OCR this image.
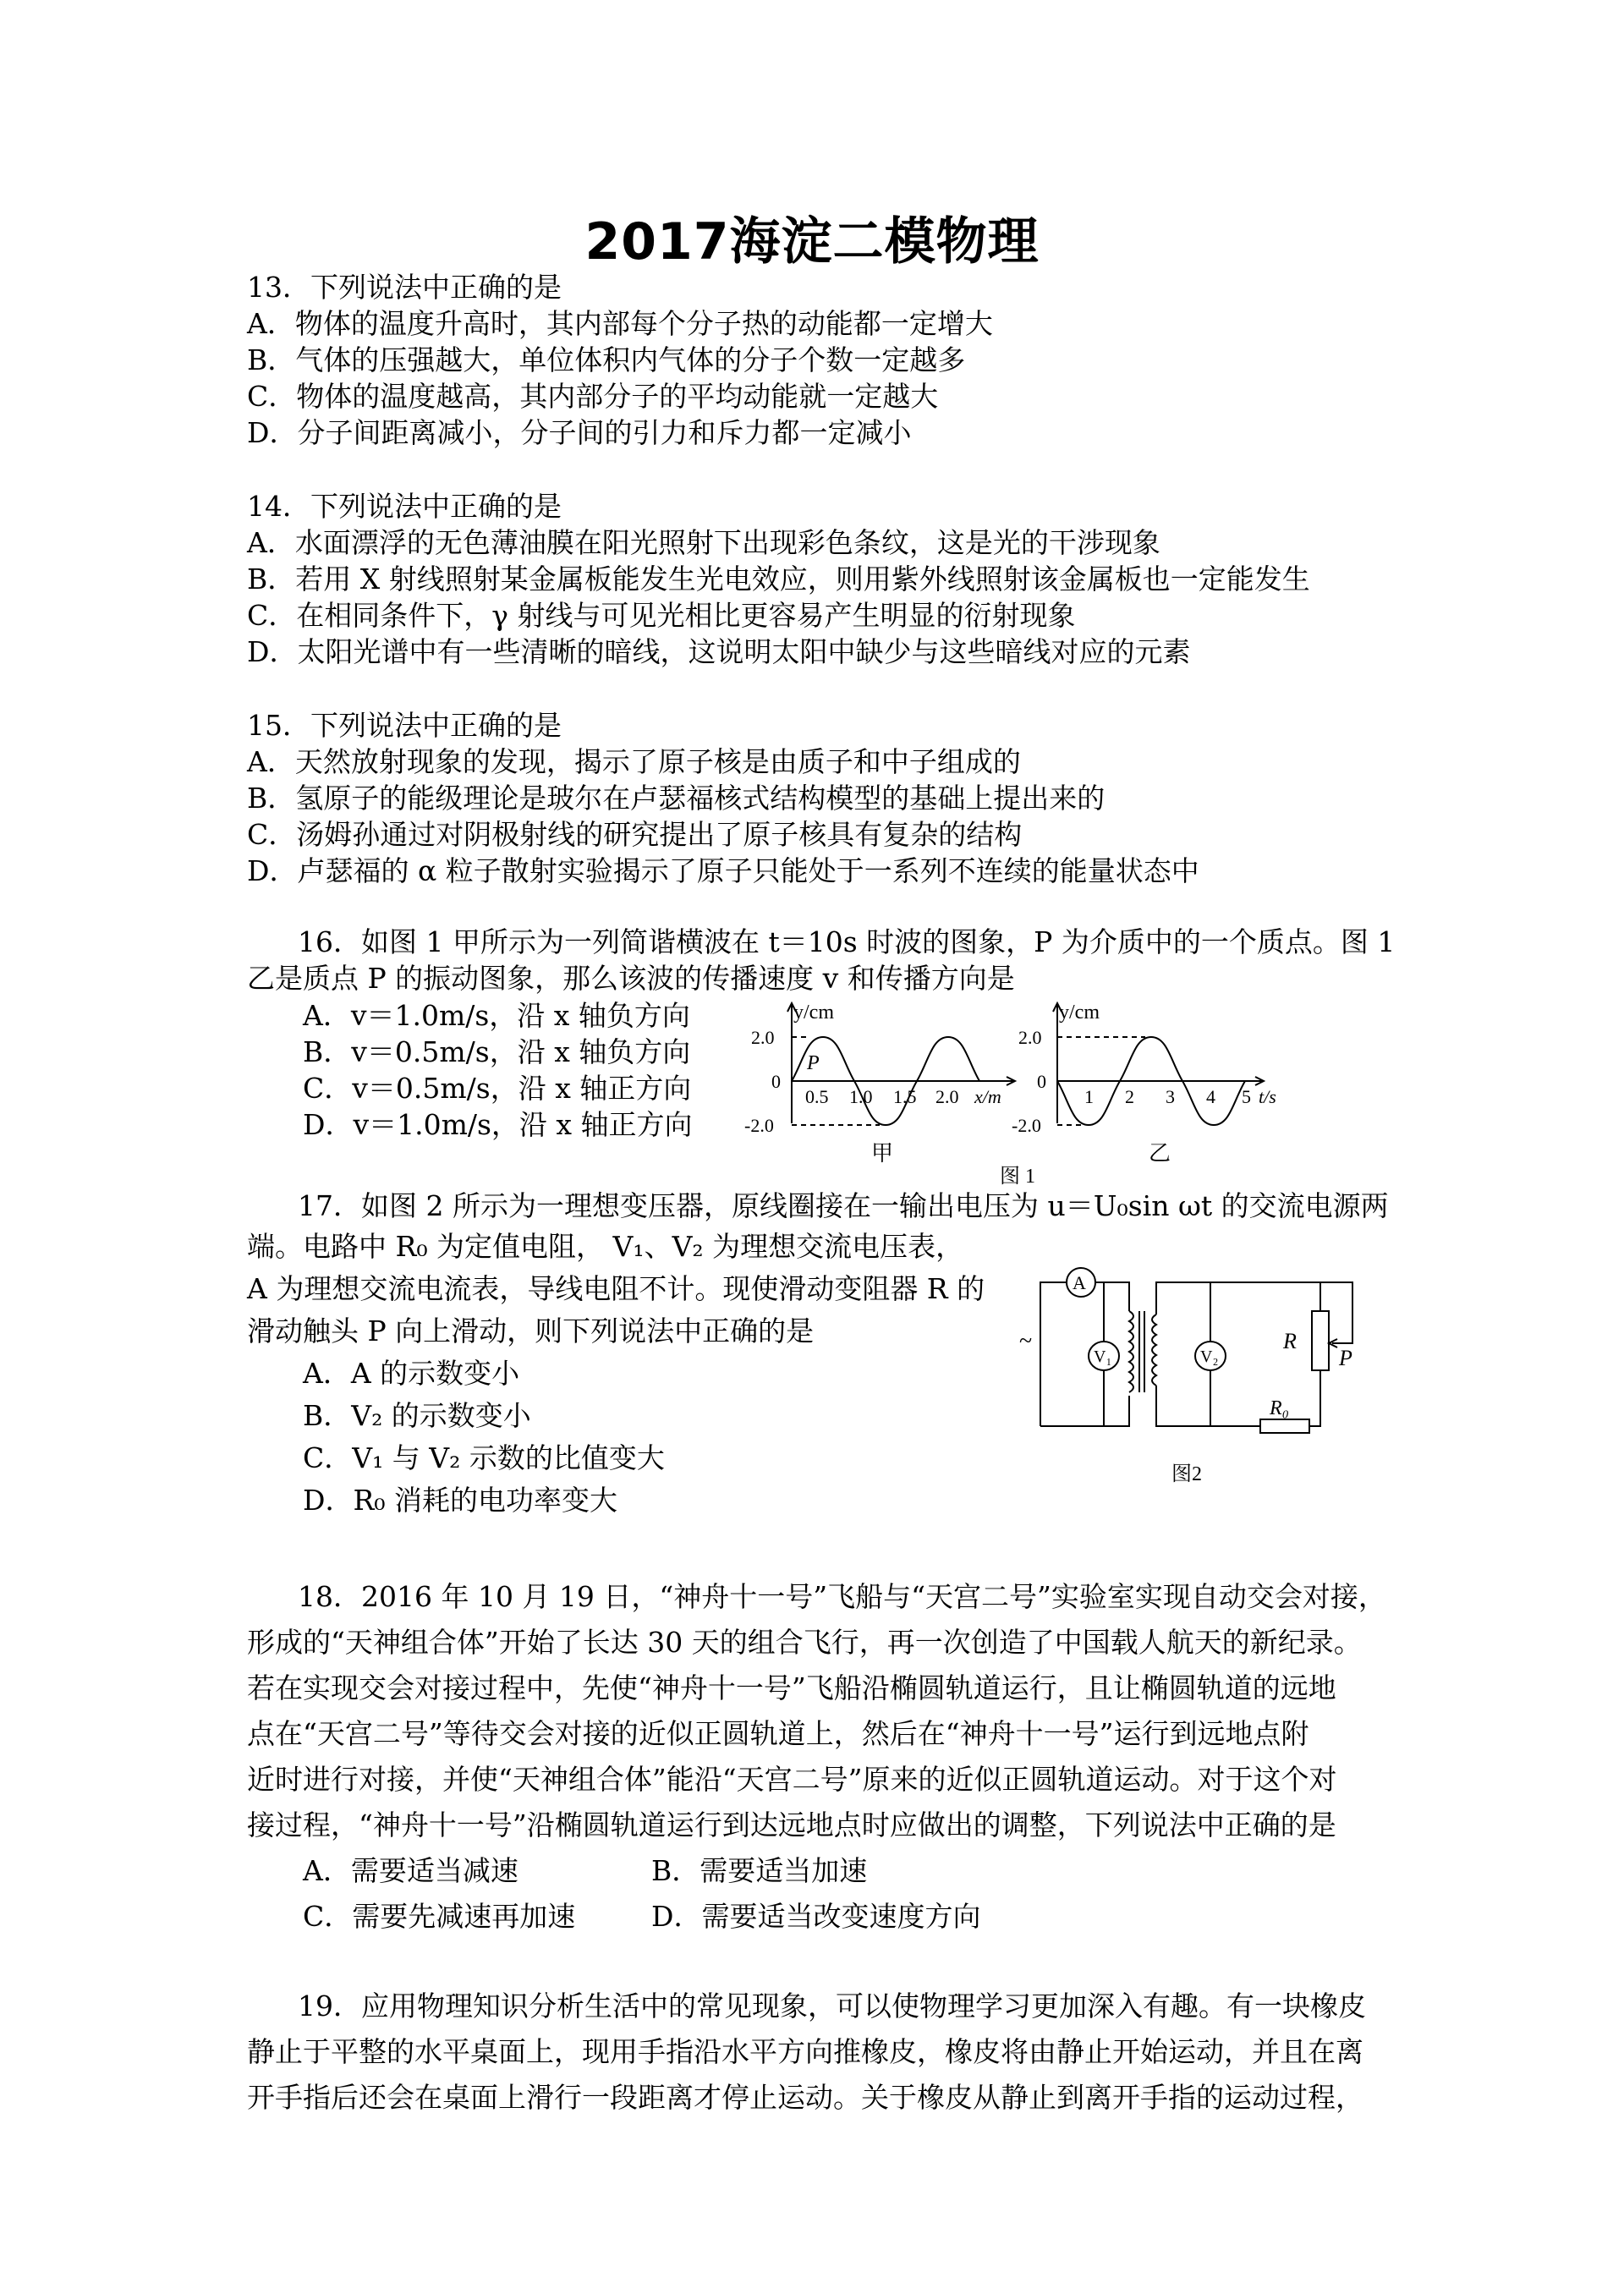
2017海淀二模物理
13．下列说法中正确的是
A．物体的温度升高时，其内部每个分子热的动能都一定增大
B．气体的压强越大，单位体积内气体的分子个数一定越多
C．物体的温度越高，其内部分子的平均动能就一定越大
D．分子间距离减小，分子间的引力和斥力都一定减小
14．下列说法中正确的是
A．水面漂浮的无色薄油膜在阳光照射下出现彩色条纹，这是光的干涉现象
B．若用 X 射线照射某金属板能发生光电效应，则用紫外线照射该金属板也一定能发生
C．在相同条件下，γ 射线与可见光相比更容易产生明显的衍射现象
D．太阳光谱中有一些清晰的暗线，这说明太阳中缺少与这些暗线对应的元素
15．下列说法中正确的是
A．天然放射现象的发现，揭示了原子核是由质子和中子组成的
B．氢原子的能级理论是玻尔在卢瑟福核式结构模型的基础上提出来的
C．汤姆孙通过对阴极射线的研究提出了原子核具有复杂的结构
D．卢瑟福的 α 粒子散射实验揭示了原子只能处于一系列不连续的能量状态中
16．如图 1 甲所示为一列简谐横波在 t＝10s 时波的图象，P 为介质中的一个质点。图 1
乙是质点 P 的振动图象，那么该波的传播速度 v 和传播方向是
A．v＝1.0m/s，沿 x 轴负方向
B．v＝0.5m/s，沿 x 轴负方向
C．v＝0.5m/s，沿 x 轴正方向
D．v＝1.0m/s，沿 x 轴正方向
y/cm
2.0
0
-2.0
P
0.5 1.0 1.5 2.0 x/m
甲
y/cm
2.0
0
-2.0
1 2 3 4 5 t/s
乙
图 1
17．如图 2 所示为一理想变压器，原线圈接在一输出电压为 u＝U₀sin ωt 的交流电源两
端。电路中 R₀ 为定值电阻， V₁、V₂ 为理想交流电压表，
A 为理想交流电流表，导线电阻不计。现使滑动变阻器 R 的
滑动触头 P 向上滑动，则下列说法中正确的是
A．A 的示数变小
B．V₂ 的示数变小
C．V₁ 与 V₂ 示数的比值变大
D．R₀ 消耗的电功率变大
~
A
V₁	V₂
R
P
R₀
图2
18．2016 年 10 月 19 日，“神舟十一号”飞船与“天宫二号”实验室实现自动交会对接，
形成的“天神组合体”开始了长达 30 天的组合飞行，再一次创造了中国载人航天的新纪录。
若在实现交会对接过程中，先使“神舟十一号”飞船沿椭圆轨道运行，且让椭圆轨道的远地
点在“天宫二号”等待交会对接的近似正圆轨道上，然后在“神舟十一号”运行到远地点附
近时进行对接，并使“天神组合体”能沿“天宫二号”原来的近似正圆轨道运动。对于这个对
接过程，“神舟十一号”沿椭圆轨道运行到达远地点时应做出的调整，下列说法中正确的是
A．需要适当减速	B．需要适当加速
C．需要先减速再加速	D．需要适当改变速度方向
19．应用物理知识分析生活中的常见现象，可以使物理学习更加深入有趣。有一块橡皮
静止于平整的水平桌面上，现用手指沿水平方向推橡皮，橡皮将由静止开始运动，并且在离
开手指后还会在桌面上滑行一段距离才停止运动。关于橡皮从静止到离开手指的运动过程，
